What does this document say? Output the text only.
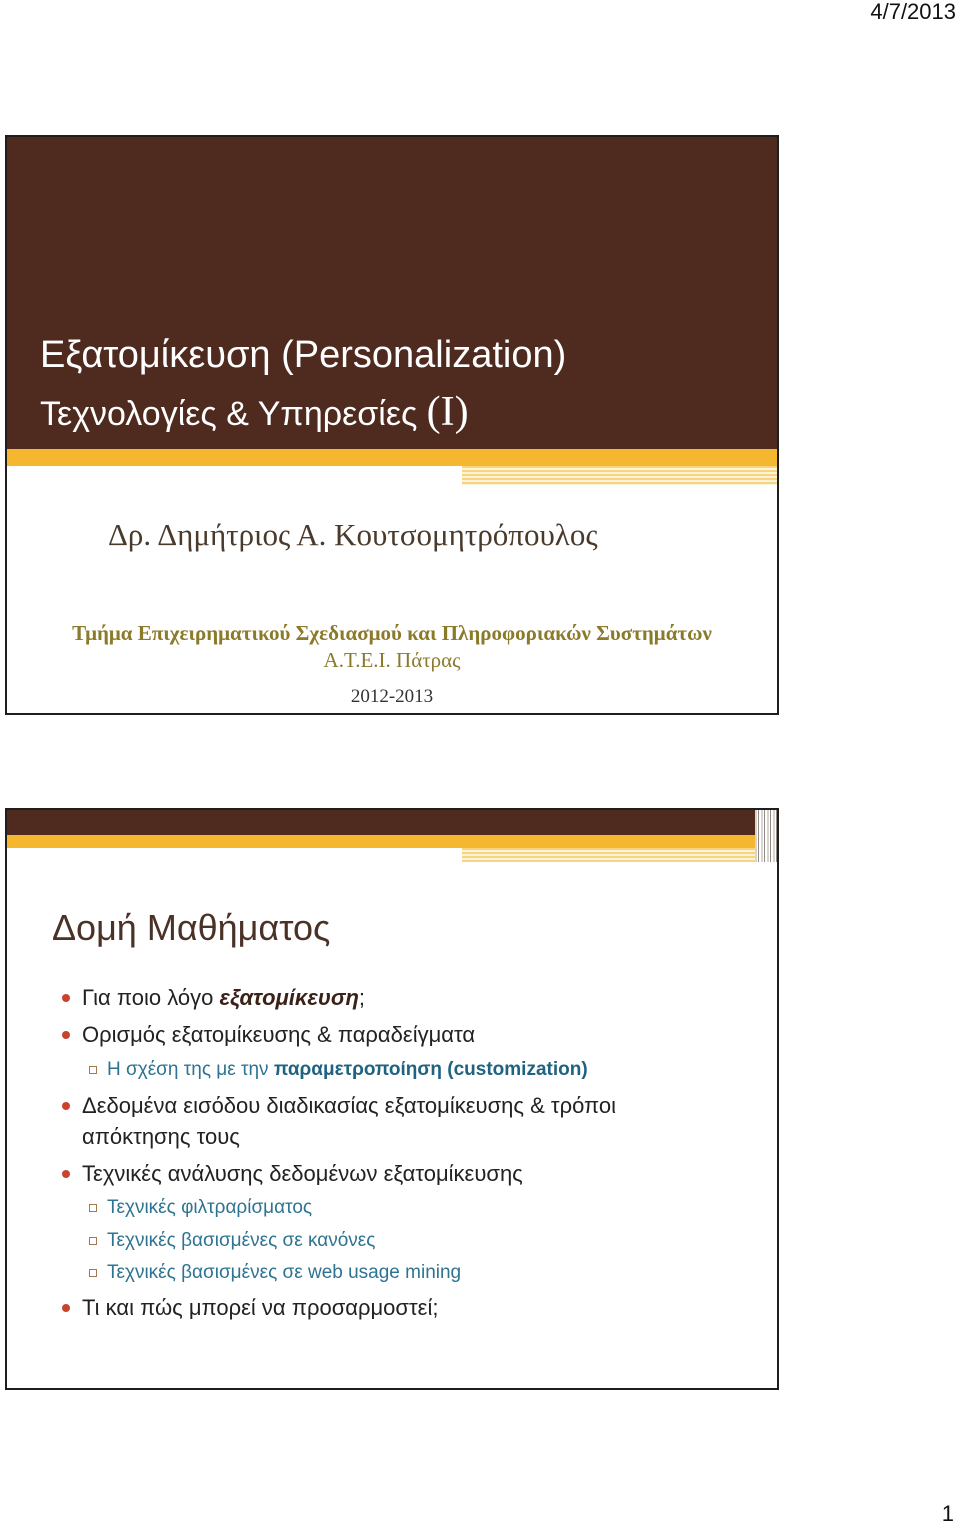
4/7/2013
Εξατομίκευση (Personalization)
Τεχνολογίες & Υπηρεσίες (I)
Δρ. Δημήτριος Α. Κουτσομητρόπουλος
Τμήμα Επιχειρηματικού Σχεδιασμού και Πληροφοριακών Συστημάτων
Α.Τ.Ε.Ι. Πάτρας
2012-2013
Δομή Μαθήματος
Για ποιο λόγο εξατομίκευση;
Ορισμός εξατομίκευσης & παραδείγματα
Η σχέση της με την παραμετροποίηση (customization)
Δεδομένα εισόδου διαδικασίας εξατομίκευσης & τρόποι
απόκτησης τους
Τεχνικές ανάλυσης δεδομένων εξατομίκευσης
Τεχνικές φιλτραρίσματος
Τεχνικές βασισμένες σε κανόνες
Τεχνικές βασισμένες σε web usage mining
Τι και πώς μπορεί να προσαρμοστεί;
1
